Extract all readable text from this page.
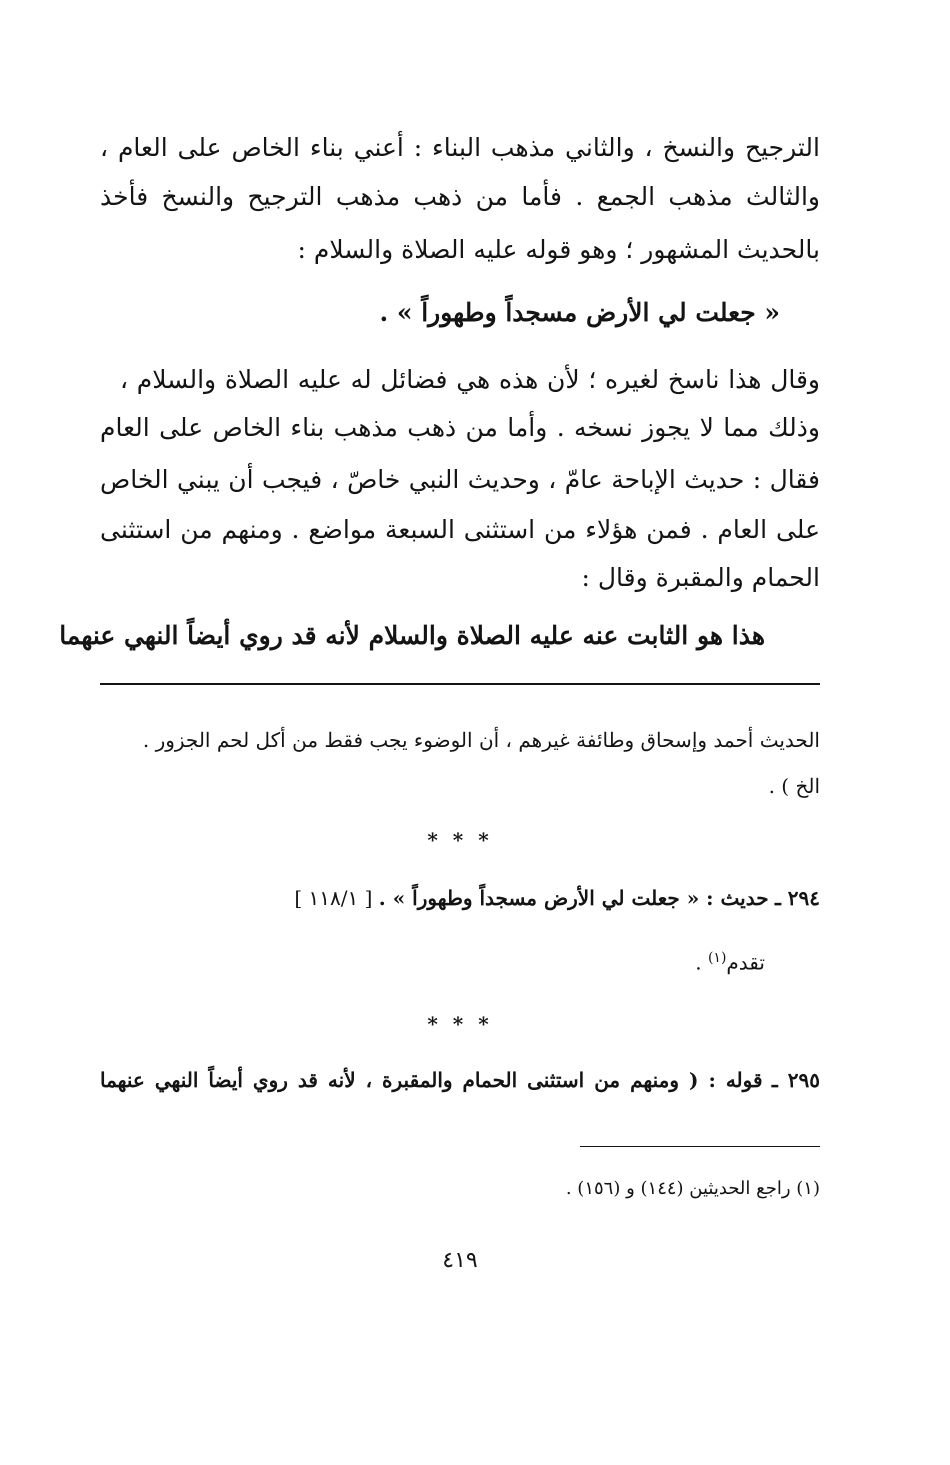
الترجيح والنسخ ، والثاني مذهب البناء : أعني بناء الخاص على العام ،
والثالث مذهب الجمع . فأما من ذهب مذهب الترجيح والنسخ فأخذ
بالحديث المشهور ؛ وهو قوله عليه الصلاة والسلام :
« جعلت لي الأرض مسجداً وطهوراً » .
وقال هذا ناسخ لغيره ؛ لأن هذه هي فضائل له عليه الصلاة والسلام ،
وذلك مما لا يجوز نسخه . وأما من ذهب مذهب بناء الخاص على العام
فقال : حديث الإباحة عامّ ، وحديث النبي خاصّ ، فيجب أن يبني الخاص
على العام . فمن هؤلاء من استثنى السبعة مواضع . ومنهم من استثنى
الحمام والمقبرة وقال :
هذا هو الثابت عنه عليه الصلاة والسلام لأنه قد روي أيضاً النهي عنهما
الحديث أحمد وإسحاق وطائفة غيرهم ، أن الوضوء يجب فقط من أكل لحم الجزور .
الخ ) .
* * *
٢٩٤ ـ حديث : « جعلت لي الأرض مسجداً وطهوراً » . [ ١١٨/١ ]
تقدم$^{(١)}$ .
* * *
٢٩٥ ـ قوله : ( ومنهم من استثنى الحمام والمقبرة ، لأنه قد روي أيضاً النهي عنهما
(١) راجع الحديثين (١٤٤) و (١٥٦) .
٤١٩
